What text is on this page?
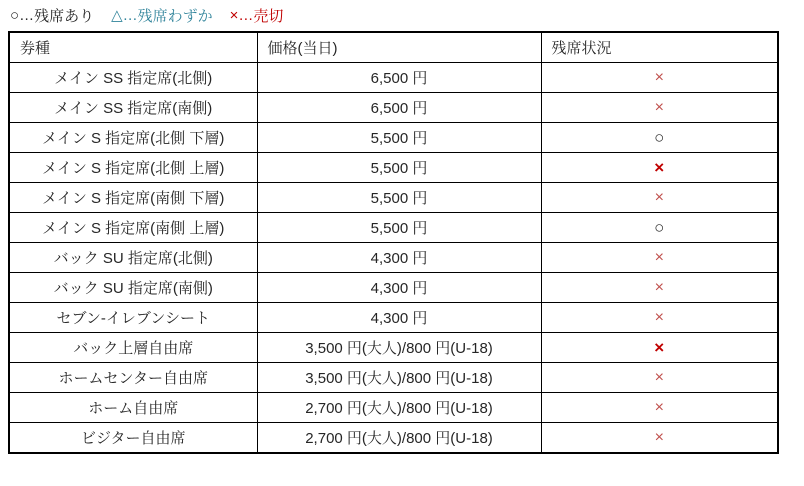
○ … 残席あり △ … 残席わずか × … 売切
券種	価格(当日)	残席状況
メイン SS 指定席(北側)	6,500 円	×
メイン SS 指定席(南側)	6,500 円	×
メイン S 指定席(北側 下層)	5,500 円	○
メイン S 指定席(北側 上層)	5,500 円	×
メイン S 指定席(南側 下層)	5,500 円	×
メイン S 指定席(南側 上層)	5,500 円	○
バック SU 指定席(北側)	4,300 円	×
バック SU 指定席(南側)	4,300 円	×
セブン-イレブンシート	4,300 円	×
バック上層自由席	3,500 円(大人)/800 円(U-18)	×
ホームセンター自由席	3,500 円(大人)/800 円(U-18)	×
ホーム自由席	2,700 円(大人)/800 円(U-18)	×
ビジター自由席	2,700 円(大人)/800 円(U-18)	×
